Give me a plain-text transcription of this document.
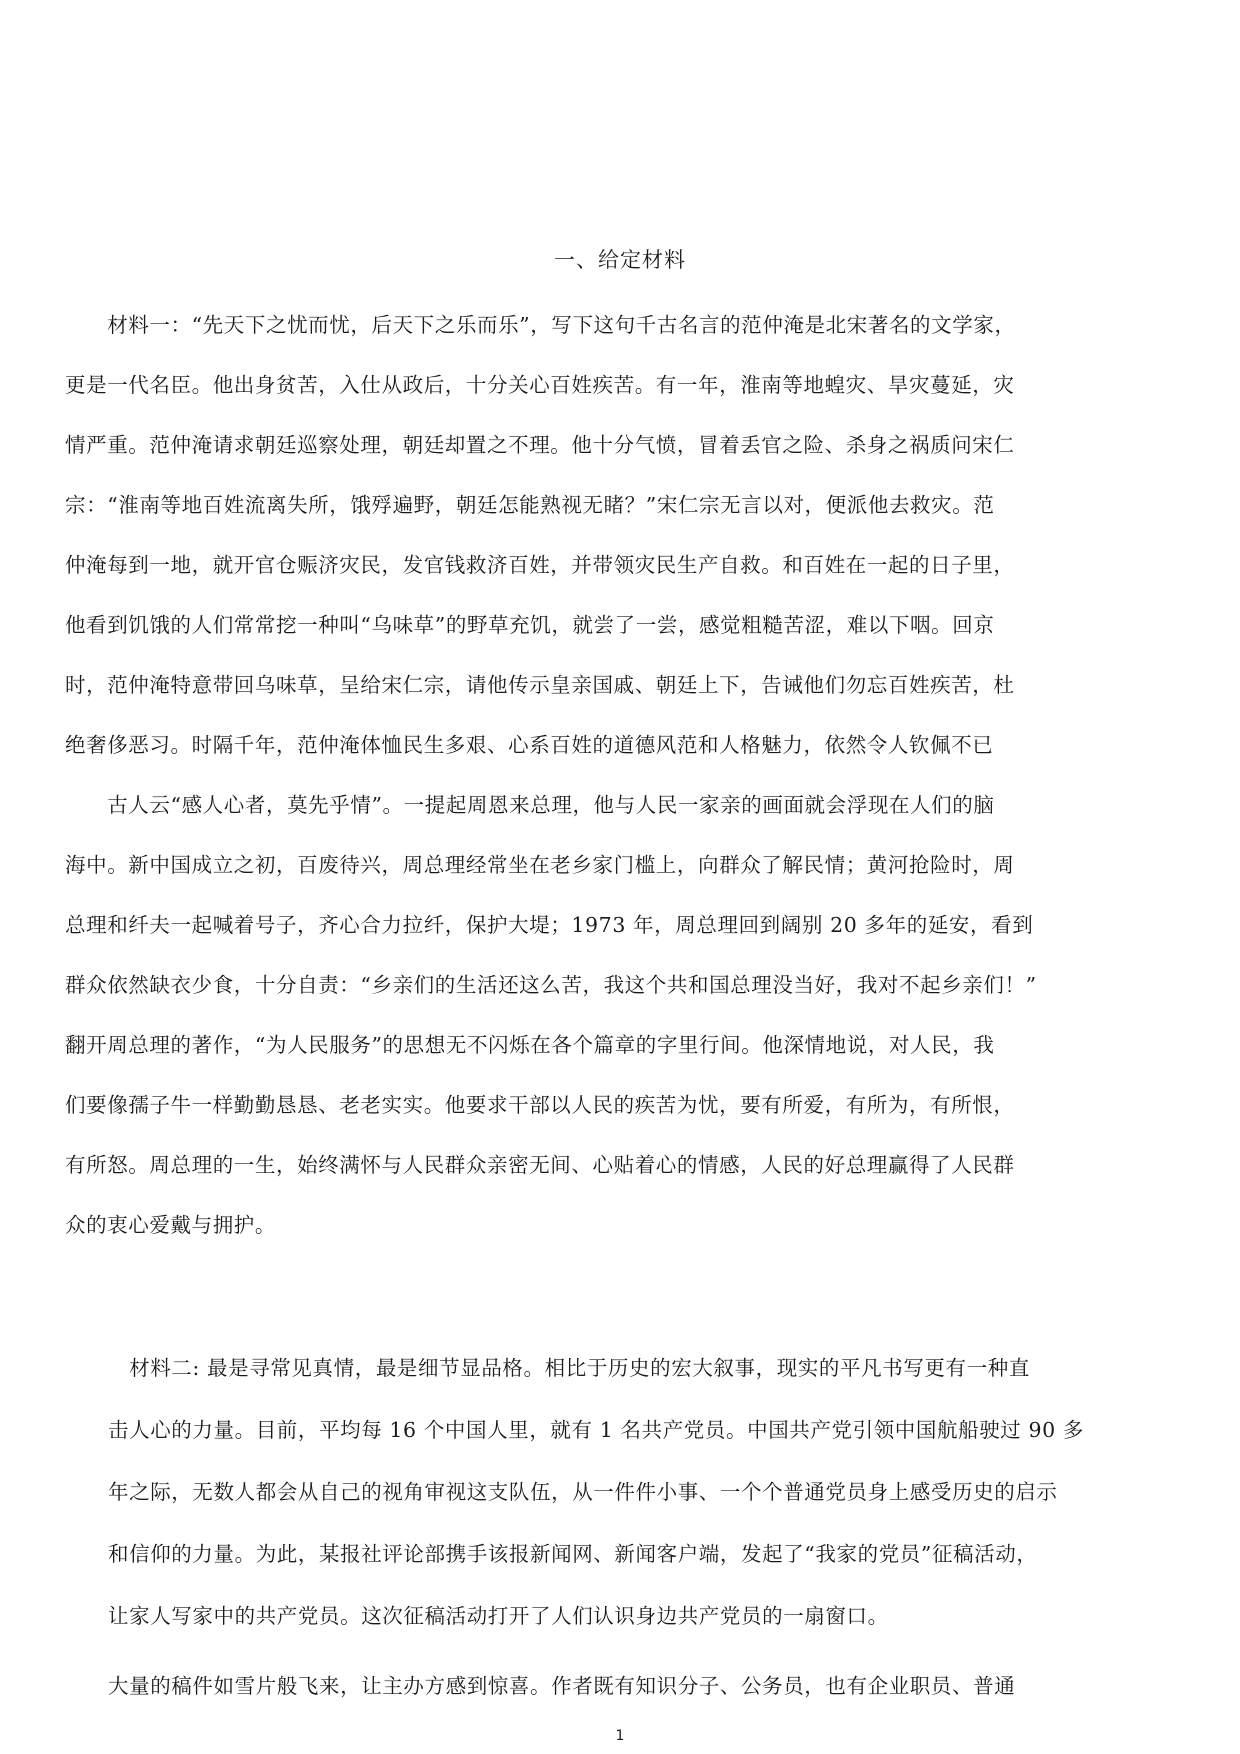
一、给定材料
　　材料一：“先天下之忧而忧，后天下之乐而乐”，写下这句千古名言的范仲淹是北宋著名的文学家，
更是一代名臣。他出身贫苦，入仕从政后，十分关心百姓疾苦。有一年，淮南等地蝗灾、旱灾蔓延，灾
情严重。范仲淹请求朝廷巡察处理，朝廷却置之不理。他十分气愤，冒着丢官之险、杀身之祸质问宋仁
宗：“淮南等地百姓流离失所，饿殍遍野，朝廷怎能熟视无睹？”宋仁宗无言以对，便派他去救灾。范
仲淹每到一地，就开官仓赈济灾民，发官钱救济百姓，并带领灾民生产自救。和百姓在一起的日子里，
他看到饥饿的人们常常挖一种叫“乌味草”的野草充饥，就尝了一尝，感觉粗糙苦涩，难以下咽。回京
时，范仲淹特意带回乌味草，呈给宋仁宗，请他传示皇亲国戚、朝廷上下，告诫他们勿忘百姓疾苦，杜
绝奢侈恶习。时隔千年，范仲淹体恤民生多艰、心系百姓的道德风范和人格魅力，依然令人钦佩不已
　　古人云“感人心者，莫先乎情”。一提起周恩来总理，他与人民一家亲的画面就会浮现在人们的脑
海中。新中国成立之初，百废待兴，周总理经常坐在老乡家门槛上，向群众了解民情；黄河抢险时，周
总理和纤夫一起喊着号子，齐心合力拉纤，保护大堤；1973 年，周总理回到阔别 20 多年的延安，看到
群众依然缺衣少食，十分自责：“乡亲们的生活还这么苦，我这个共和国总理没当好，我对不起乡亲们！”
翻开周总理的著作，“为人民服务”的思想无不闪烁在各个篇章的字里行间。他深情地说，对人民，我
们要像孺子牛一样勤勤恳恳、老老实实。他要求干部以人民的疾苦为忧，要有所爱，有所为，有所恨，
有所怒。周总理的一生，始终满怀与人民群众亲密无间、心贴着心的情感，人民的好总理赢得了人民群
众的衷心爱戴与拥护。
　材料二: 最是寻常见真情，最是细节显品格。相比于历史的宏大叙事，现实的平凡书写更有一种直
击人心的力量。目前，平均每 16 个中国人里，就有 1 名共产党员。中国共产党引领中国航船驶过 90 多
年之际，无数人都会从自己的视角审视这支队伍，从一件件小事、一个个普通党员身上感受历史的启示
和信仰的力量。为此，某报社评论部携手该报新闻网、新闻客户端，发起了“我家的党员”征稿活动，
让家人写家中的共产党员。这次征稿活动打开了人们认识身边共产党员的一扇窗口。
大量的稿件如雪片般飞来，让主办方感到惊喜。作者既有知识分子、公务员，也有企业职员、普通
1
